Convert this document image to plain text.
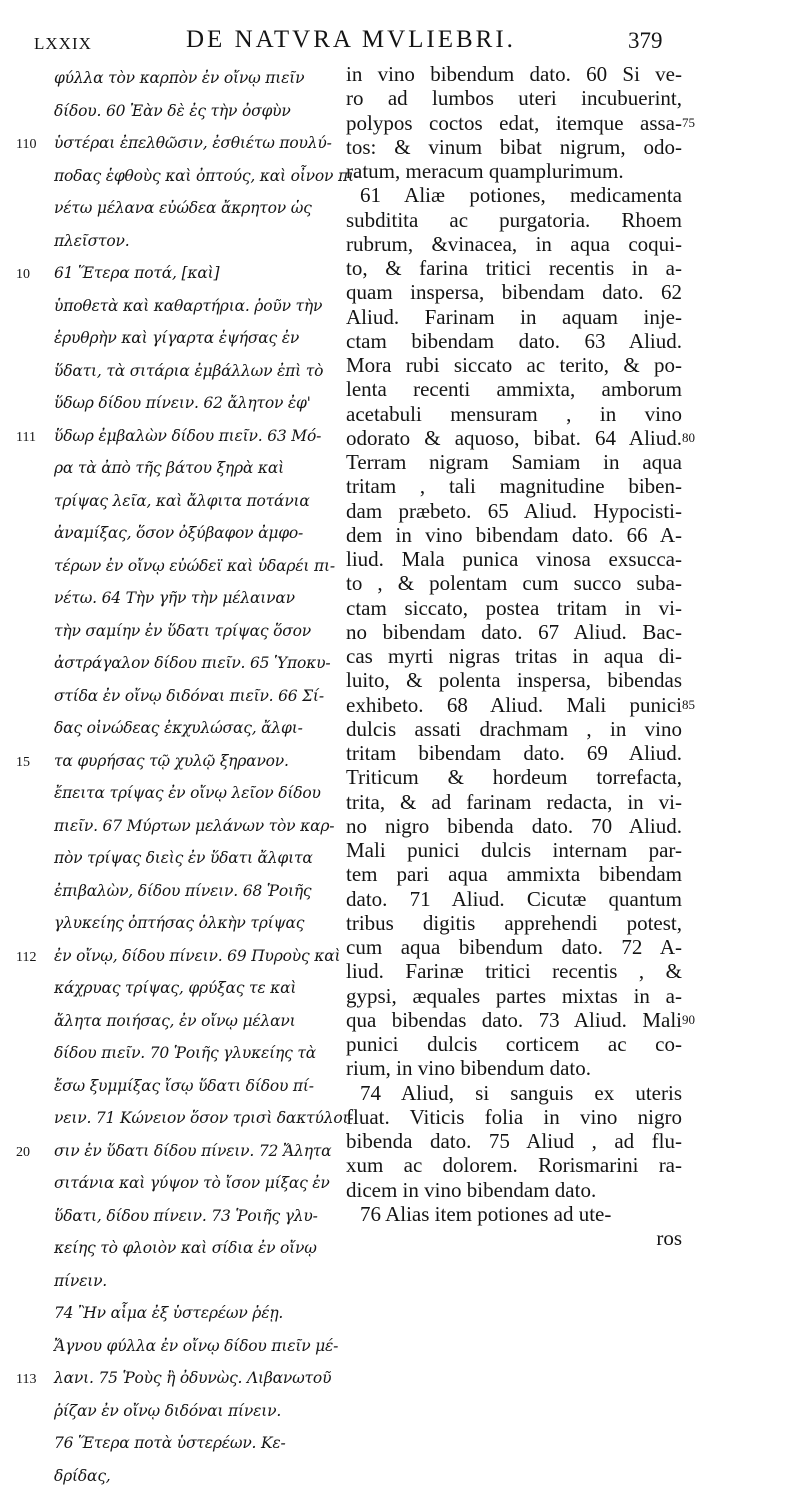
LXXIX	DE NATVRA MVLIEBRI.	379
φύλλα τὸν καρπὸν ἐν οἴνῳ πιεῖν
δίδου. 60 Ἐὰν δὲ ἐς τὴν ὀσφὺν
ὑστέραι ἐπελθῶσιν, ἐσθιέτω πουλύ-
110
ποδας ἑφθοὺς καὶ ὀπτούς, καὶ οἶνον πι-
νέτω μέλανα εὐώδεα ἄκρητον ὡς
πλεῖστον.
61 Ἕτερα ποτά, [καὶ]
10
ὑποθετὰ καὶ καθαρτήρια. ῥοῦν τὴν
ἐρυθρὴν καὶ γίγαρτα ἑψήσας ἐν
ὕδατι, τὰ σιτάρια ἐμβάλλων ἐπὶ τὸ
ὕδωρ δίδου πίνειν. 62 ἄλητον ἐφ'
ὕδωρ ἐμβαλὼν δίδου πιεῖν. 63 Μό-
111
ρα τὰ ἀπὸ τῆς βάτου ξηρὰ καὶ
τρίψας λεῖα, καὶ ἄλφιτα ποτάνια
ἀναμίξας, ὅσον ὀξύβαφον ἀμφο-
τέρων ἐν οἴνῳ εὐώδεϊ καὶ ὑδαρέι πι-
νέτω. 64 Τὴν γῆν τὴν μέλαιναν
τὴν σαμίην ἐν ὕδατι τρίψας ὅσον
ἀστράγαλον δίδου πιεῖν. 65 Ὑποκυ-
στίδα ἐν οἴνῳ διδόναι πιεῖν. 66 Σί-
δας οἰνώδεας ἐκχυλώσας, ἄλφι-
τα φυρήσας τῷ χυλῷ ξηρανον.
15
ἔπειτα τρίψας ἐν οἴνῳ λεῖον δίδου
πιεῖν. 67 Μύρτων μελάνων τὸν καρ-
πὸν τρίψας διεὶς ἐν ὕδατι ἄλφιτα
ἐπιβαλὼν, δίδου πίνειν. 68 Ῥοιῆς
γλυκείης ὀπτήσας ὁλκὴν τρίψας
ἐν οἴνῳ, δίδου πίνειν. 69 Πυροὺς καὶ
112
κάχρυας τρίψας, φρύξας τε καὶ
ἄλητα ποιήσας, ἐν οἴνῳ μέλανι
δίδου πιεῖν. 70 Ῥοιῆς γλυκείης τὰ
ἔσω ξυμμίξας ἴσῳ ὕδατι δίδου πί-
νειν. 71 Κώνειον ὅσον τρισὶ δακτύλοι-
σιν ἐν ὕδατι δίδου πίνειν. 72 Ἄλητα
20
σιτάνια καὶ γύψον τὸ ἴσον μίξας ἐν
ὕδατι, δίδου πίνειν. 73 Ῥοιῆς γλυ-
κείης τὸ φλοιὸν καὶ σίδια ἐν οἴνῳ
πίνειν.
74 Ἢν αἷμα ἐξ ὑστερέων ῥέῃ.
Ἄγνου φύλλα ἐν οἴνῳ δίδου πιεῖν μέ-
λανι. 75 Ῥοὺς ἢ ὀδυνὼς. Λιβανωτοῦ
113
ῥίζαν ἐν οἴνῳ διδόναι πίνειν.
76 Ἕτερα ποτὰ ὑστερέων. Κε-
δρίδας,
in vino bibendum dato. 60 Si ve-
ro ad lumbos uteri incubuerint,
polypos coctos edat, itemque assa- 75
tos: & vinum bibat nigrum, odo-
ratum, meracum quamplurimum.
61 Aliæ potiones, medicamenta
subditita ac purgatoria. Rhoem
rubrum, &vinacea, in aqua coqui-
to, & farina tritici recentis in a-
quam inspersa, bibendam dato. 62
Aliud. Farinam in aquam inje-
ctam bibendam dato. 63 Aliud.
Mora rubi siccato ac terito, & po-
lenta recenti ammixta, amborum
acetabuli mensuram , in vino
odorato & aquoso, bibat. 64 Aliud. 80
Terram nigram Samiam in aqua
tritam , tali magnitudine biben-
dam præbeto. 65 Aliud. Hypocisti-
dem in vino bibendam dato. 66 A-
liud. Mala punica vinosa exsucca-
to , & polentam cum succo suba-
ctam siccato, postea tritam in vi-
no bibendam dato. 67 Aliud. Bac-
cas myrti nigras tritas in aqua di-
luito, & polenta inspersa, bibendas
exhibeto. 68 Aliud. Mali punici 85
dulcis assati drachmam , in vino
tritam bibendam dato. 69 Aliud.
Triticum & hordeum torrefacta,
trita, & ad farinam redacta, in vi-
no nigro bibenda dato. 70 Aliud.
Mali punici dulcis internam par-
tem pari aqua ammixta bibendam
dato. 71 Aliud. Cicutæ quantum
tribus digitis apprehendi potest,
cum aqua bibendum dato. 72 A-
liud. Farinæ tritici recentis , &
gypsi, æquales partes mixtas in a-
qua bibendas dato. 73 Aliud. Mali 90
punici dulcis corticem ac co-
rium, in vino bibendum dato.
74 Aliud, si sanguis ex uteris
fluat. Viticis folia in vino nigro
bibenda dato. 75 Aliud , ad flu-
xum ac dolorem. Rorismarini ra-
dicem in vino bibendam dato.
76 Alias item potiones ad ute-
ros
